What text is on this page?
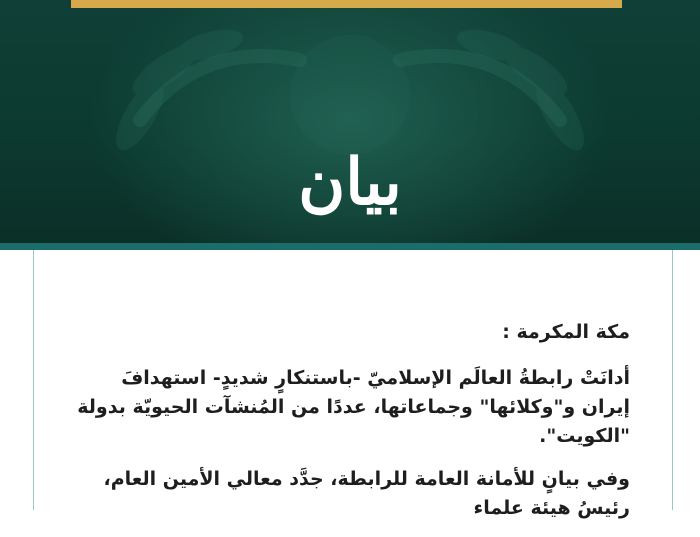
بيان

مكة المكرمة :

أدانَتْ رابطةُ العالَم الإسلاميّ -باستنكارٍ شديدٍ- استهدافَ إيران و"وكلائها" وجماعاتها، عددًا من المُنشآت الحيويّة بدولة "الكويت".

وفي بيانٍ للأمانة العامة للرابطة، جدَّد معالي الأمين العام، رئيسُ هيئة علماء
